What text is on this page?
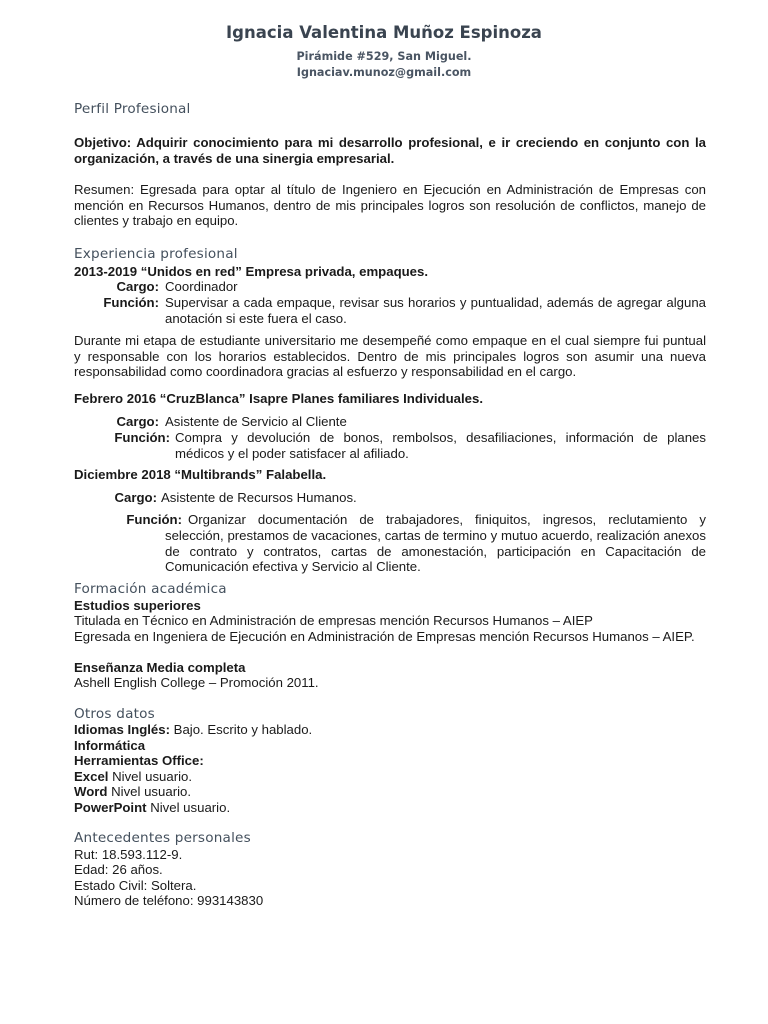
Ignacia Valentina Muñoz Espinoza
Pirámide #529, San Miguel.
Ignaciav.munoz@gmail.com
Perfil Profesional
Objetivo: Adquirir conocimiento para mi desarrollo profesional, e ir creciendo en conjunto con la organización, a través de una sinergia empresarial.
Resumen: Egresada para optar al título de Ingeniero en Ejecución en Administración de Empresas con mención en Recursos Humanos, dentro de mis principales logros son resolución de conflictos, manejo de clientes y trabajo en equipo.
Experiencia profesional
2013-2019 “Unidos en red” Empresa privada, empaques.
Cargo: Coordinador
Función: Supervisar a cada empaque, revisar sus horarios y puntualidad, además de agregar alguna anotación si este fuera el caso.
Durante mi etapa de estudiante universitario me desempeñé como empaque en el cual siempre fui puntual y responsable con los horarios establecidos. Dentro de mis principales logros son asumir una nueva responsabilidad como coordinadora gracias al esfuerzo y responsabilidad en el cargo.
Febrero 2016 “CruzBlanca” Isapre Planes familiares Individuales.
Cargo: Asistente de Servicio al Cliente
Función: Compra y devolución de bonos, rembolsos, desafiliaciones, información de planes médicos y el poder satisfacer al afiliado.
Diciembre 2018 “Multibrands” Falabella.
Cargo: Asistente de Recursos Humanos.
Función: Organizar documentación de trabajadores, finiquitos, ingresos, reclutamiento y
selección, prestamos de vacaciones, cartas de termino y mutuo acuerdo, realización anexos de contrato y contratos, cartas de amonestación, participación en Capacitación de Comunicación efectiva y Servicio al Cliente.
Formación académica
Estudios superiores
Titulada en Técnico en Administración de empresas mención Recursos Humanos – AIEP
Egresada en Ingeniera de Ejecución en Administración de Empresas mención Recursos Humanos – AIEP.
Enseñanza Media completa
Ashell English College – Promoción 2011.
Otros datos
Idiomas Inglés: Bajo. Escrito y hablado.
Informática
Herramientas Office:
Excel Nivel usuario.
Word Nivel usuario.
PowerPoint Nivel usuario.
Antecedentes personales
Rut: 18.593.112-9.
Edad: 26 años.
Estado Civil: Soltera.
Número de teléfono: 993143830
